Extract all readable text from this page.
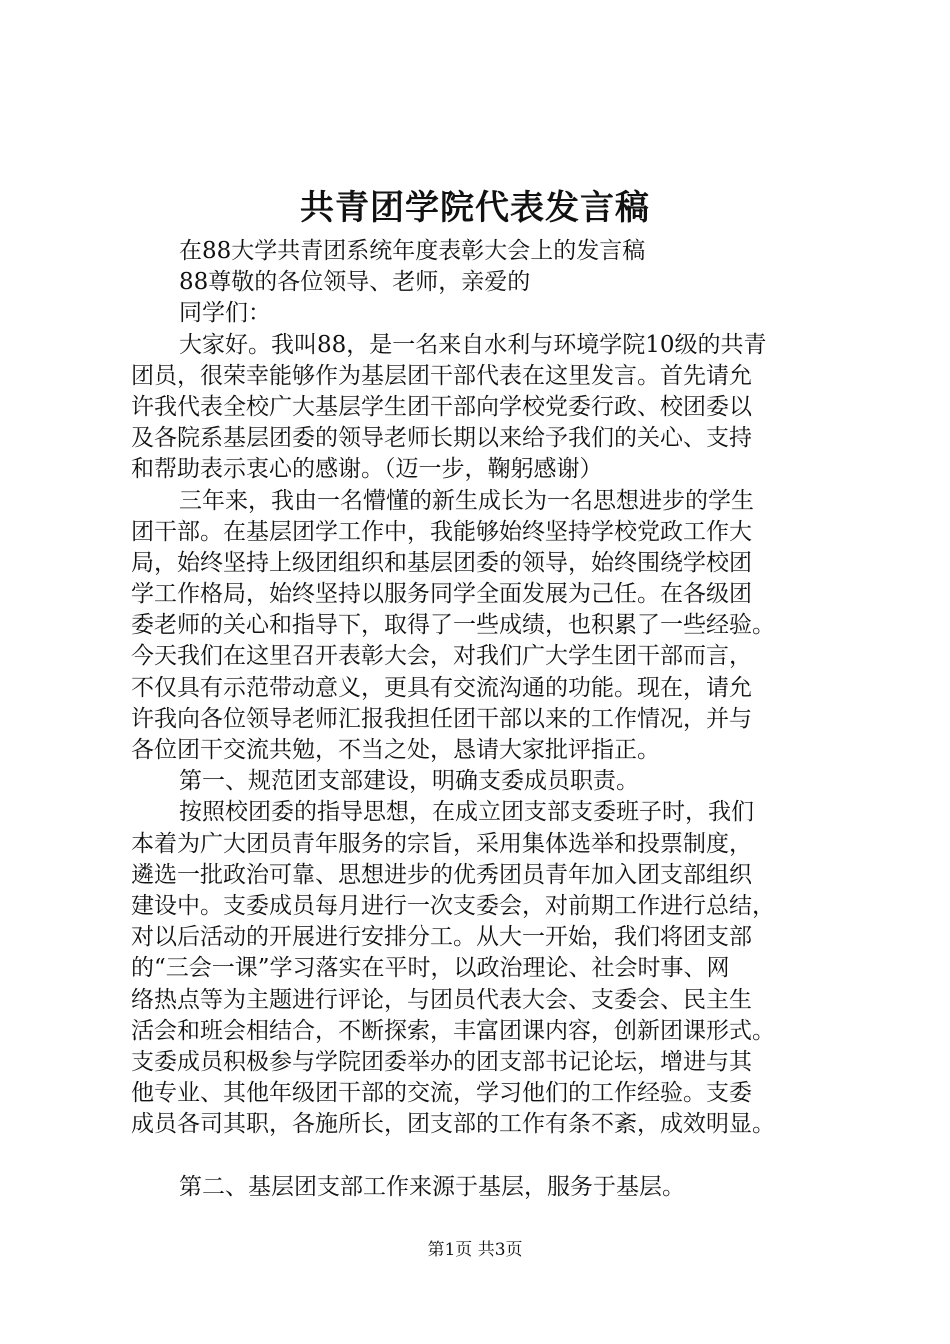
共青团学院代表发言稿
在88大学共青团系统年度表彰大会上的发言稿
88尊敬的各位领导、老师，亲爱的
同学们：
大家好。我叫88，是一名来自水利与环境学院10级的共青
团员，很荣幸能够作为基层团干部代表在这里发言。首先请允
许我代表全校广大基层学生团干部向学校党委行政、校团委以
及各院系基层团委的领导老师长期以来给予我们的关心、支持
和帮助表示衷心的感谢。（迈一步，鞠躬感谢）
三年来，我由一名懵懂的新生成长为一名思想进步的学生
团干部。在基层团学工作中，我能够始终坚持学校党政工作大
局，始终坚持上级团组织和基层团委的领导，始终围绕学校团
学工作格局，始终坚持以服务同学全面发展为己任。在各级团
委老师的关心和指导下，取得了一些成绩，也积累了一些经验。
今天我们在这里召开表彰大会，对我们广大学生团干部而言，
不仅具有示范带动意义，更具有交流沟通的功能。现在，请允
许我向各位领导老师汇报我担任团干部以来的工作情况，并与
各位团干交流共勉，不当之处，恳请大家批评指正。
第一、规范团支部建设，明确支委成员职责。
按照校团委的指导思想，在成立团支部支委班子时，我们
本着为广大团员青年服务的宗旨，采用集体选举和投票制度，
遴选一批政治可靠、思想进步的优秀团员青年加入团支部组织
建设中。支委成员每月进行一次支委会，对前期工作进行总结，
对以后活动的开展进行安排分工。从大一开始，我们将团支部
的“三会一课”学习落实在平时，以政治理论、社会时事、网
络热点等为主题进行评论，与团员代表大会、支委会、民主生
活会和班会相结合，不断探索，丰富团课内容，创新团课形式。
支委成员积极参与学院团委举办的团支部书记论坛，增进与其
他专业、其他年级团干部的交流，学习他们的工作经验。支委
成员各司其职，各施所长，团支部的工作有条不紊，成效明显。
第二、基层团支部工作来源于基层，服务于基层。
第1页 共3页
